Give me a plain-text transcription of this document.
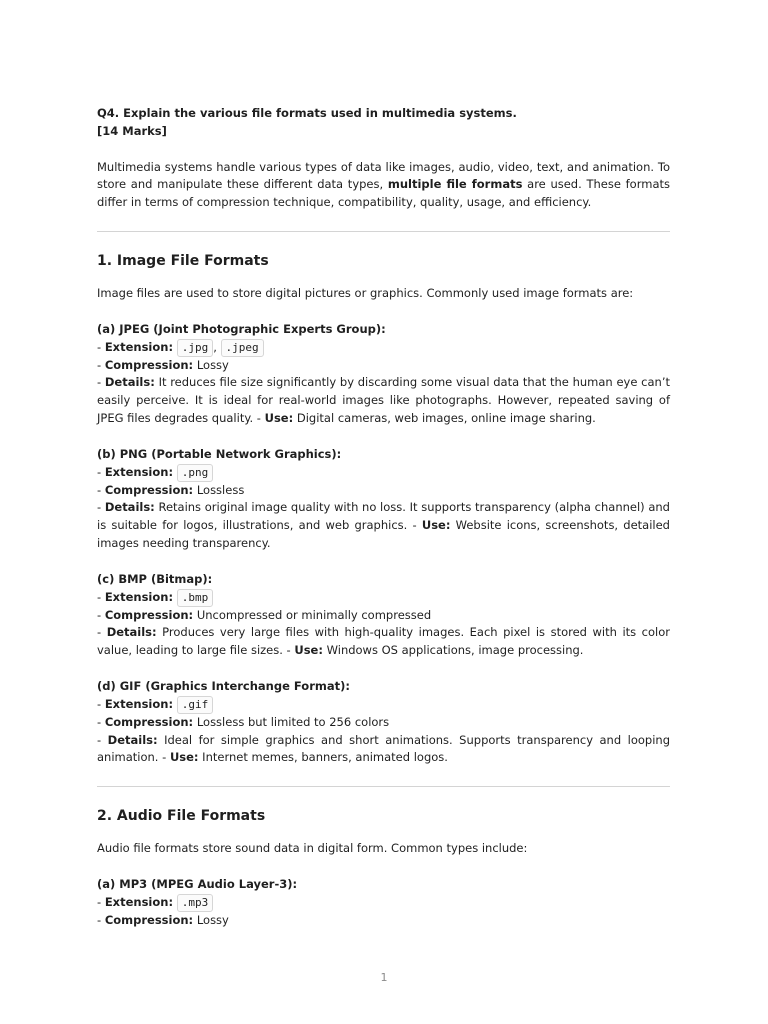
Q4. Explain the various file formats used in multimedia systems.
[14 Marks]

Multimedia systems handle various types of data like images, audio, video, text, and animation. To store and manipulate these different data types, multiple file formats are used. These formats differ in terms of compression technique, compatibility, quality, usage, and efficiency.

1. Image File Formats

Image files are used to store digital pictures or graphics. Commonly used image formats are:

(a) JPEG (Joint Photographic Experts Group):
- Extension: .jpg , .jpeg
- Compression: Lossy

- Details: It reduces file size significantly by discarding some visual data that the human eye can’t easily perceive. It is ideal for real-world images like photographs. However, repeated saving of JPEG files degrades quality. - Use: Digital cameras, web images, online image sharing.

(b) PNG (Portable Network Graphics):
- Extension: .png
- Compression: Lossless

- Details: Retains original image quality with no loss. It supports transparency (alpha channel) and is suitable for logos, illustrations, and web graphics. - Use: Website icons, screenshots, detailed images needing transparency.

(c) BMP (Bitmap):
- Extension: .bmp
- Compression: Uncompressed or minimally compressed

- Details: Produces very large files with high-quality images. Each pixel is stored with its color value, leading to large file sizes. - Use: Windows OS applications, image processing.

(d) GIF (Graphics Interchange Format):
- Extension: .gif
- Compression: Lossless but limited to 256 colors

- Details: Ideal for simple graphics and short animations. Supports transparency and looping animation. - Use: Internet memes, banners, animated logos.

2. Audio File Formats

Audio file formats store sound data in digital form. Common types include:

(a) MP3 (MPEG Audio Layer-3):
- Extension: .mp3
- Compression: Lossy
1
